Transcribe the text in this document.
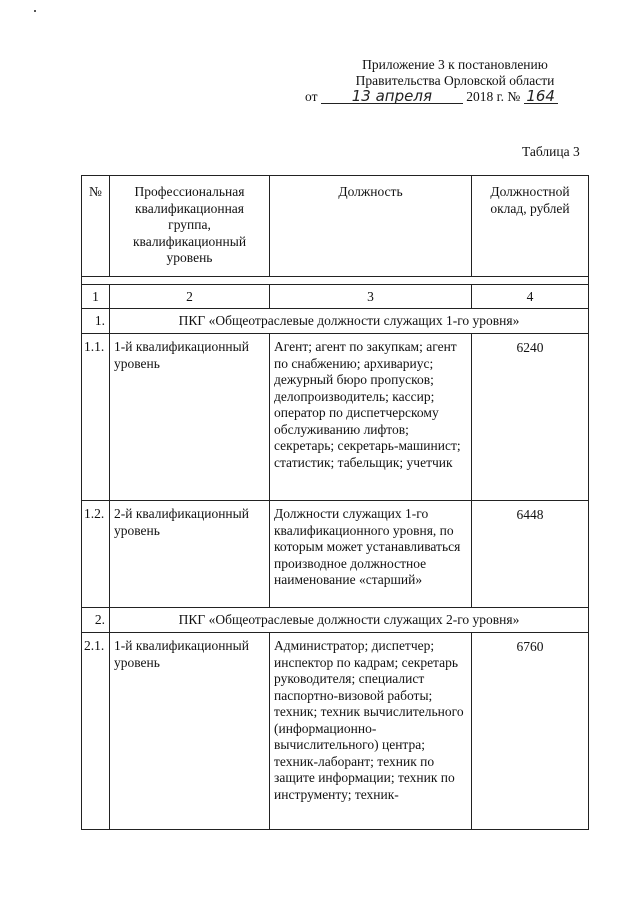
Приложение 3 к постановлению
Правительства Орловской области
от 13 апреля	2018 г. № 164
Таблица 3
№	Профессиональная квалификационная группа, квалификационный уровень	Должность	Должностной оклад, рублей

1	2	3	4
1.	ПКГ «Общеотраслевые должности служащих 1-го уровня»		
1.1.	1-й квалификационный уровень	Агент; агент по закупкам; агент по снабжению; архивариус; дежурный бюро пропусков; делопроизводитель; кассир; оператор по диспетчерскому обслуживанию лифтов; секретарь; секретарь-машинист; статистик; табельщик; учетчик	6240
1.2.	2-й квалификационный уровень	Должности служащих 1-го квалификационного уровня, по которым может устанавливаться производное должностное наименование «старший»	6448
2.	ПКГ «Общеотраслевые должности служащих 2-го уровня»		
2.1.	1-й квалификационный уровень	Администратор; диспетчер; инспектор по кадрам; секретарь руководителя; специалист паспортно-визовой работы; техник; техник вычислительного (информационно-вычислительного) центра; техник-лаборант; техник по защите информации; техник по инструменту; техник-	6760
